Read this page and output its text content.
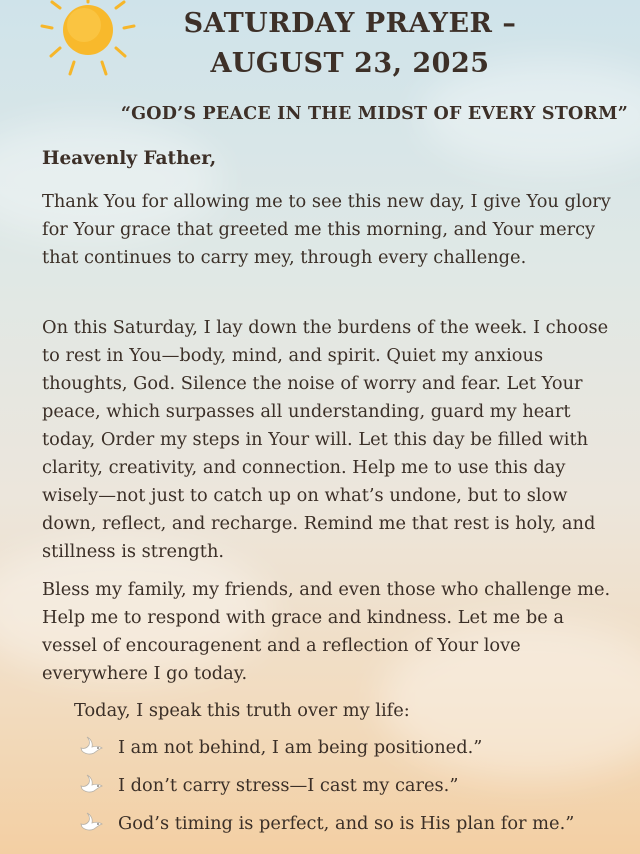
SATURDAY PRAYER –
AUGUST 23, 2025
“GOD’S PEACE IN THE MIDST OF EVERY STORM”
Heavenly Father,
Thank You for allowing me to see this new day, I give You glory for Your grace that greeted me this morning, and Your mercy that continues to carry mey, through every challenge.
On this Saturday, I lay down the burdens of the week. I choose to rest in You—body, mind, and spirit. Quiet my anxious thoughts, God. Silence the noise of worry and fear. Let Your peace, which surpasses all understanding, guard my heart today, Order my steps in Your will. Let this day be filled with clarity, creativity, and connection. Help me to use this day wisely—not just to catch up on what’s undone, but to slow down, reflect, and recharge. Remind me that rest is holy, and stillness is strength.
Bless my family, my friends, and even those who challenge me. Help me to respond with grace and kindness. Let me be a vessel of encouragenent and a reflection of Your love everywhere I go today.
Today, I speak this truth over my life:
I am not behind, I am being positioned.”
I don’t carry stress—I cast my cares.”
God’s timing is perfect, and so is His plan for me.”
